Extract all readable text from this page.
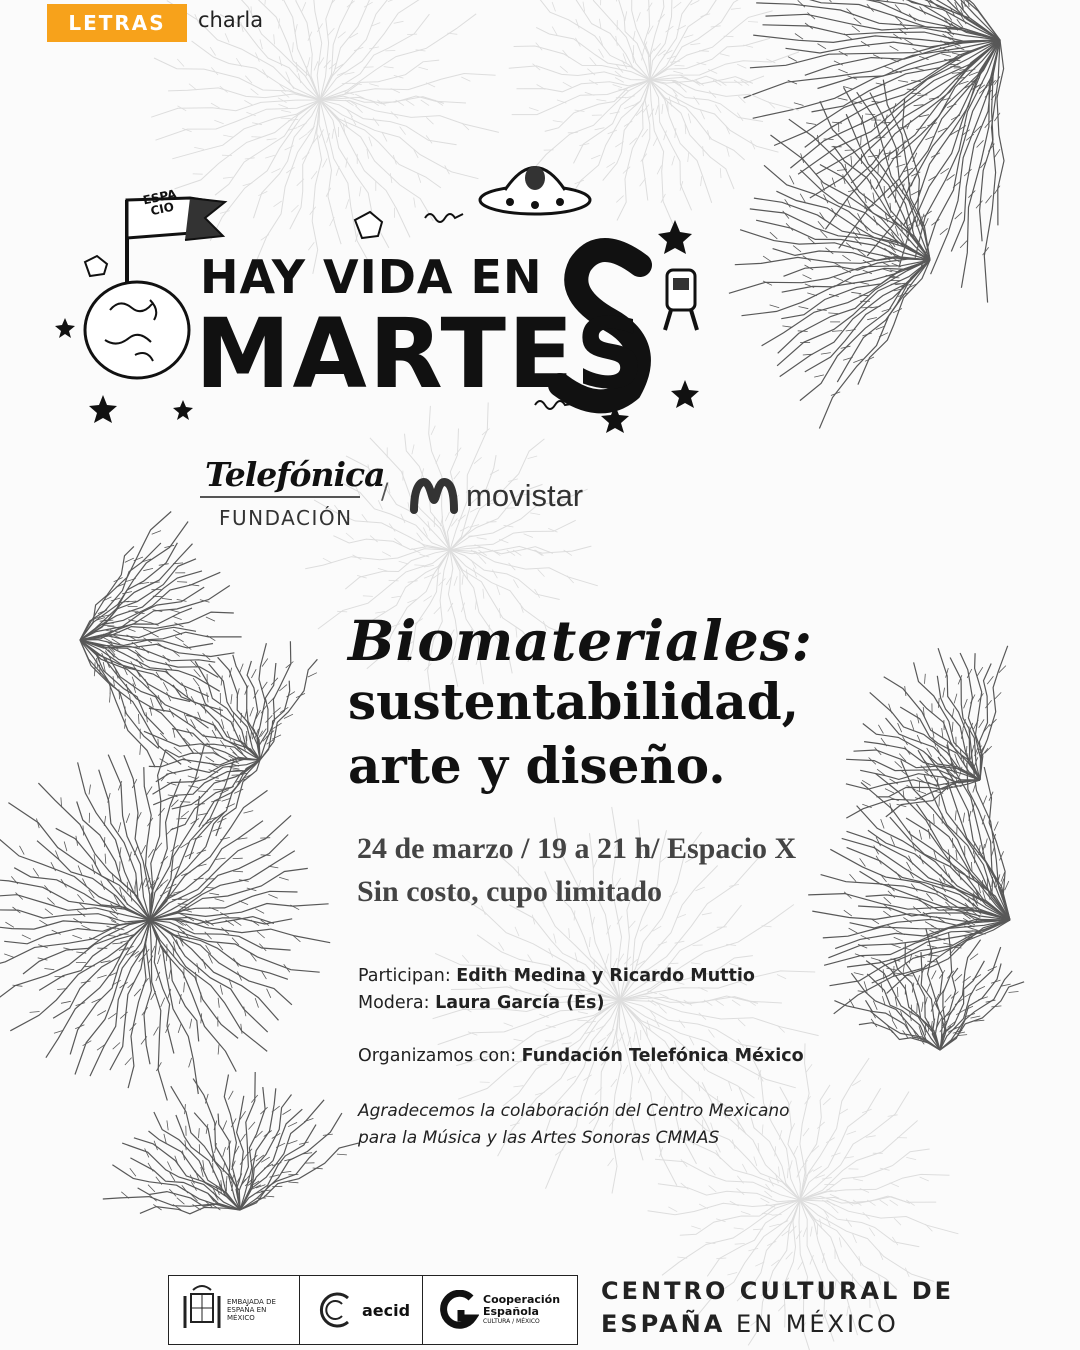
LETRAS	charla
ESPA
CIO
HAY VIDA EN
MARTES
Telefónica
FUNDACIÓN
/	movistar
Biomateriales:
sustentabilidad,
arte y diseño.
24 de marzo / 19 a 21 h/ Espacio X
Sin costo, cupo limitado
Participan: Edith Medina y Ricardo Muttio
Modera: Laura García (Es)
Organizamos con: Fundación Telefónica México
Agradecemos la colaboración del Centro Mexicano
para la Música y las Artes Sonoras CMMAS
EMBAJADA DE ESPAÑA EN MÉXICO	aecid
Cooperación
Española
CULTURA / MÉXICO
CENTRO CULTURAL DE
ESPAÑA EN MÉXICO
